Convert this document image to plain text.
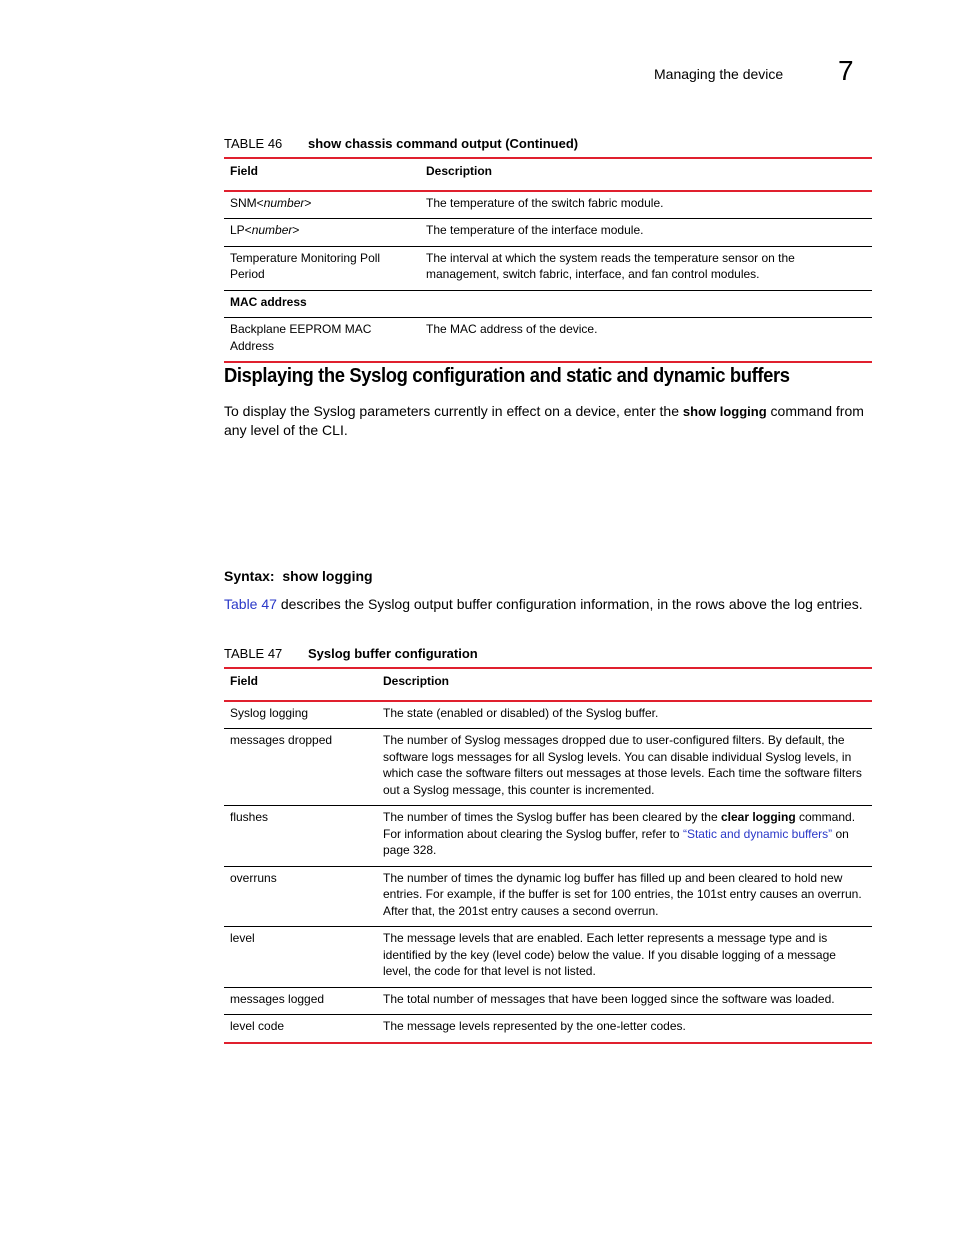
Managing the device 7
TABLE 46 show chassis command output (Continued)
Field	Description
SNM<number>	The temperature of the switch fabric module.
LP<number>	The temperature of the interface module.
Temperature Monitoring Poll Period	The interval at which the system reads the temperature sensor on the management, switch fabric, interface, and fan control modules.
MAC address	
Backplane EEPROM MAC Address	The MAC address of the device.
Displaying the Syslog configuration and static and dynamic buffers
To display the Syslog parameters currently in effect on a device, enter the show logging command from any level of the CLI.
Syntax: show logging
Table 47 describes the Syslog output buffer configuration information, in the rows above the log entries.
TABLE 47 Syslog buffer configuration
Field	Description
Syslog logging	The state (enabled or disabled) of the Syslog buffer.
messages dropped	The number of Syslog messages dropped due to user-configured filters. By default, the software logs messages for all Syslog levels. You can disable individual Syslog levels, in which case the software filters out messages at those levels. Each time the software filters out a Syslog message, this counter is incremented.
flushes	The number of times the Syslog buffer has been cleared by the clear logging command. For information about clearing the Syslog buffer, refer to “Static and dynamic buffers” on page 328.
overruns	The number of times the dynamic log buffer has filled up and been cleared to hold new entries. For example, if the buffer is set for 100 entries, the 101st entry causes an overrun. After that, the 201st entry causes a second overrun.
level	The message levels that are enabled. Each letter represents a message type and is identified by the key (level code) below the value. If you disable logging of a message level, the code for that level is not listed.
messages logged	The total number of messages that have been logged since the software was loaded.
level code	The message levels represented by the one-letter codes.
